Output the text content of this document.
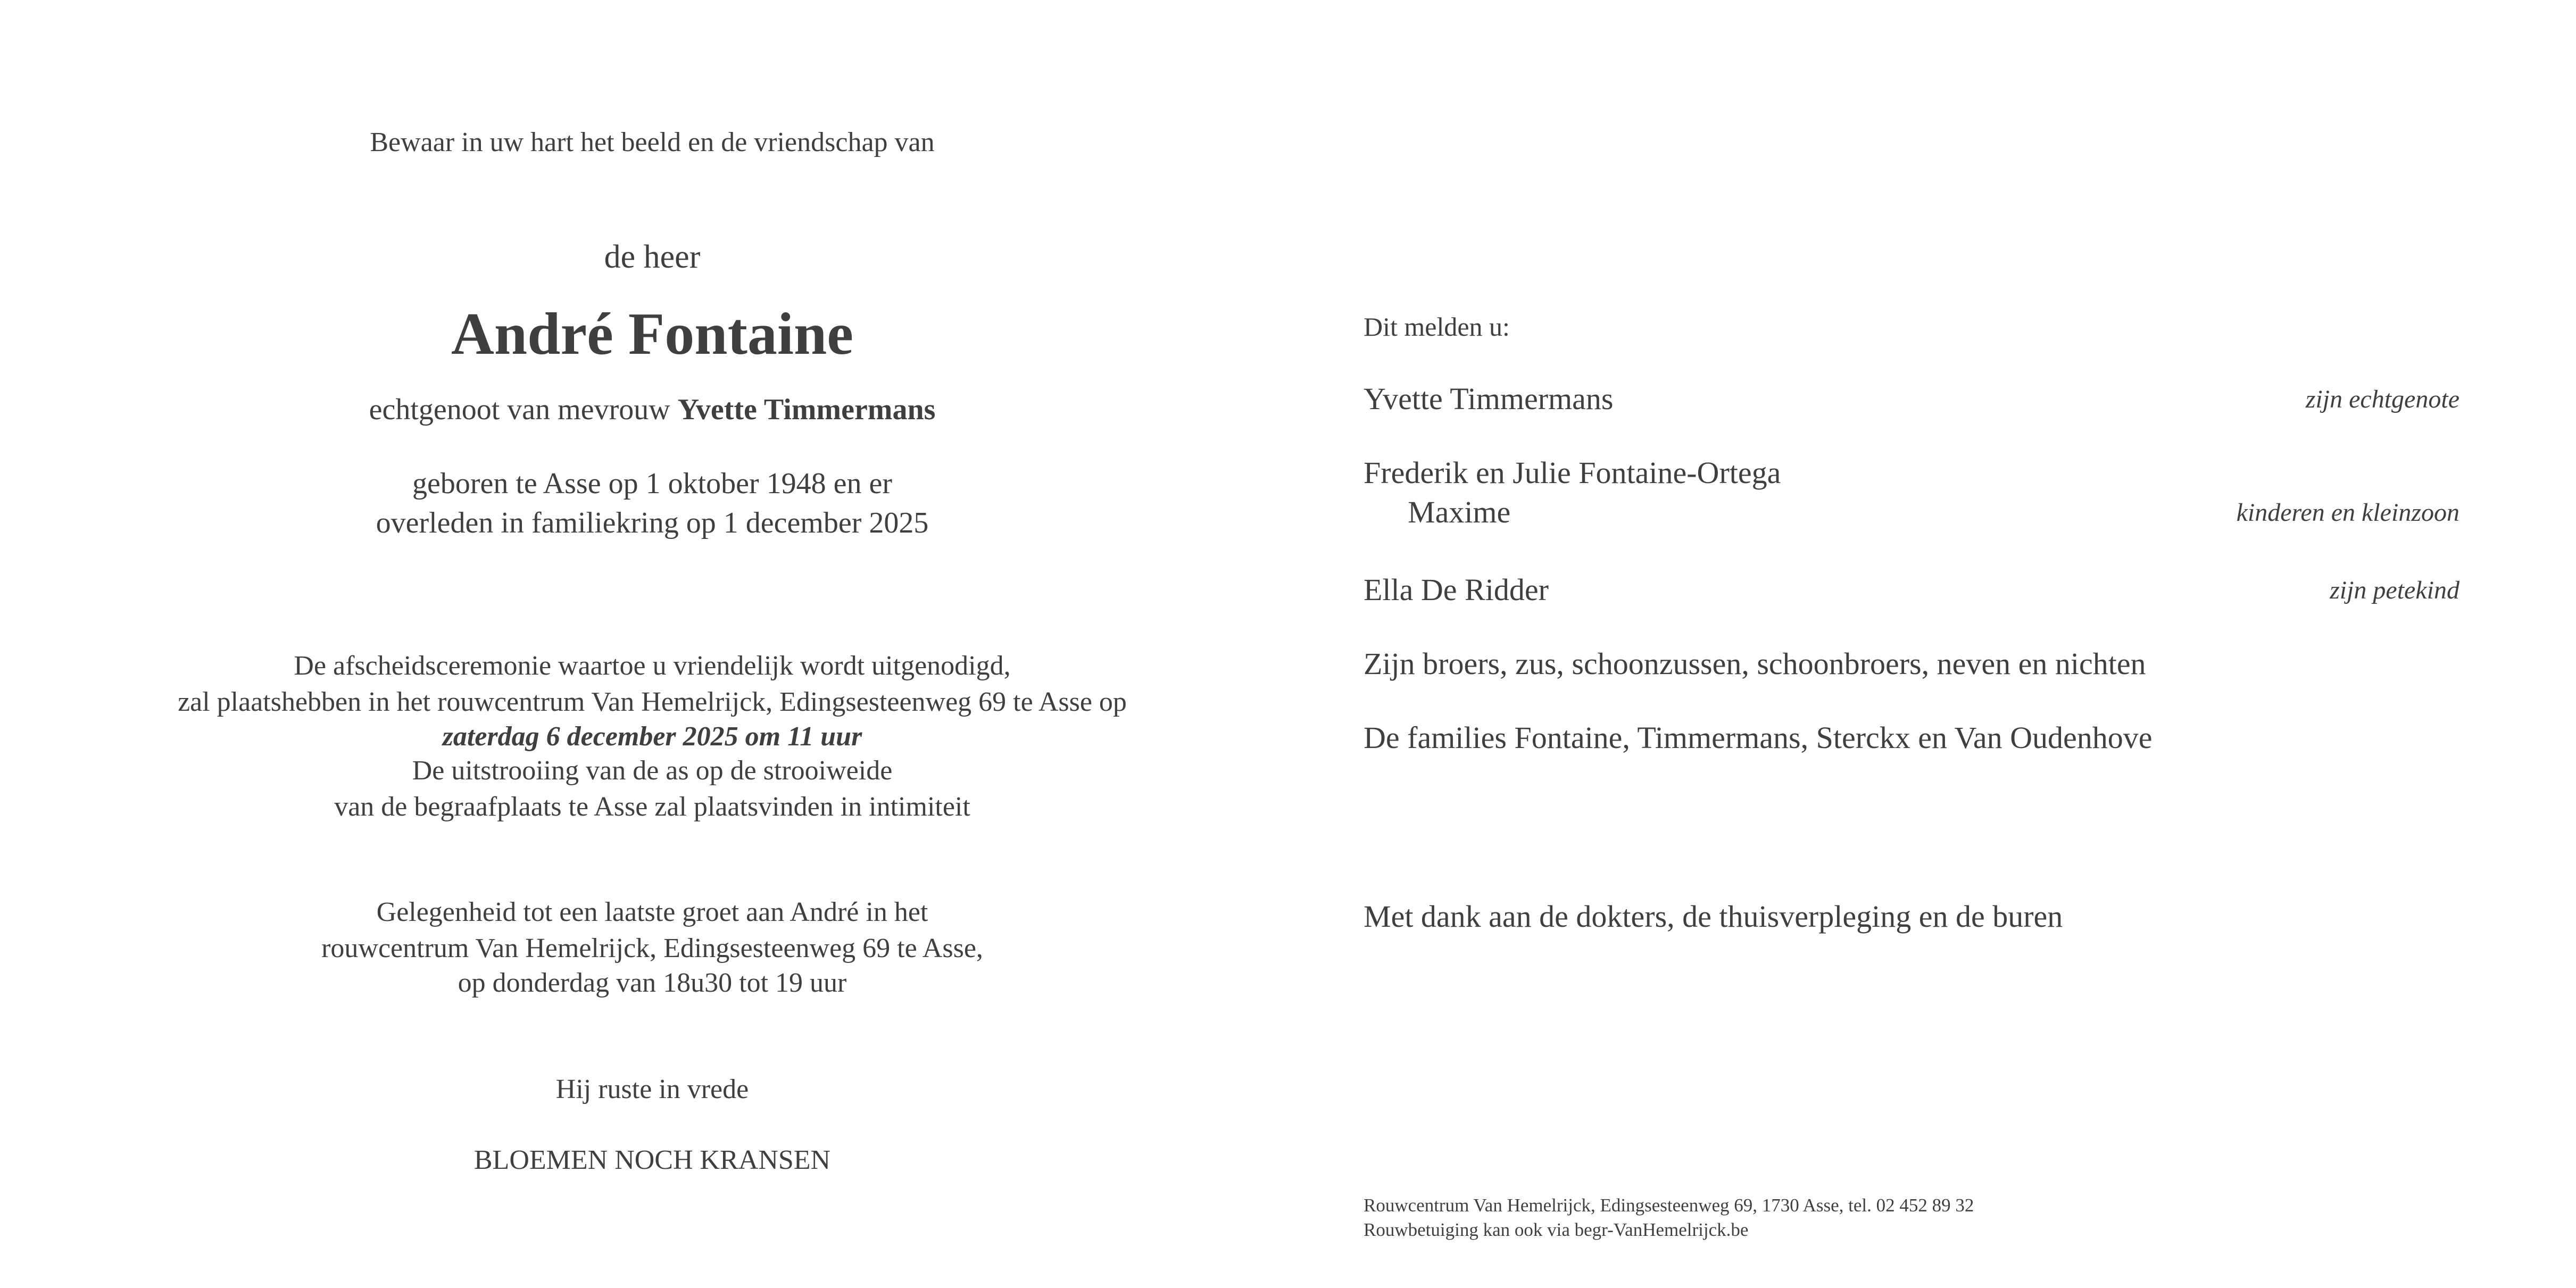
Bewaar in uw hart het beeld en de vriendschap van
de heer
André Fontaine
echtgenoot van mevrouw Yvette Timmermans
geboren te Asse op 1 oktober 1948 en er
overleden in familiekring op 1 december 2025
De afscheidsceremonie waartoe u vriendelijk wordt uitgenodigd,
zal plaatshebben in het rouwcentrum Van Hemelrijck, Edingsesteenweg 69 te Asse op
zaterdag 6 december 2025 om 11 uur
De uitstrooiing van de as op de strooiweide
van de begraafplaats te Asse zal plaatsvinden in intimiteit
Gelegenheid tot een laatste groet aan André in het
rouwcentrum Van Hemelrijck, Edingsesteenweg 69 te Asse,
op donderdag van 18u30 tot 19 uur
Hij ruste in vrede
BLOEMEN NOCH KRANSEN
Dit melden u:
Yvette Timmermans	zijn echtgenote
Frederik en Julie Fontaine-Ortega
Maxime	kinderen en kleinzoon
Ella De Ridder	zijn petekind
Zijn broers, zus, schoonzussen, schoonbroers, neven en nichten
De families Fontaine, Timmermans, Sterckx en Van Oudenhove
Met dank aan de dokters, de thuisverpleging en de buren
Rouwcentrum Van Hemelrijck, Edingsesteenweg 69, 1730 Asse, tel. 02 452 89 32
Rouwbetuiging kan ook via begr-VanHemelrijck.be
